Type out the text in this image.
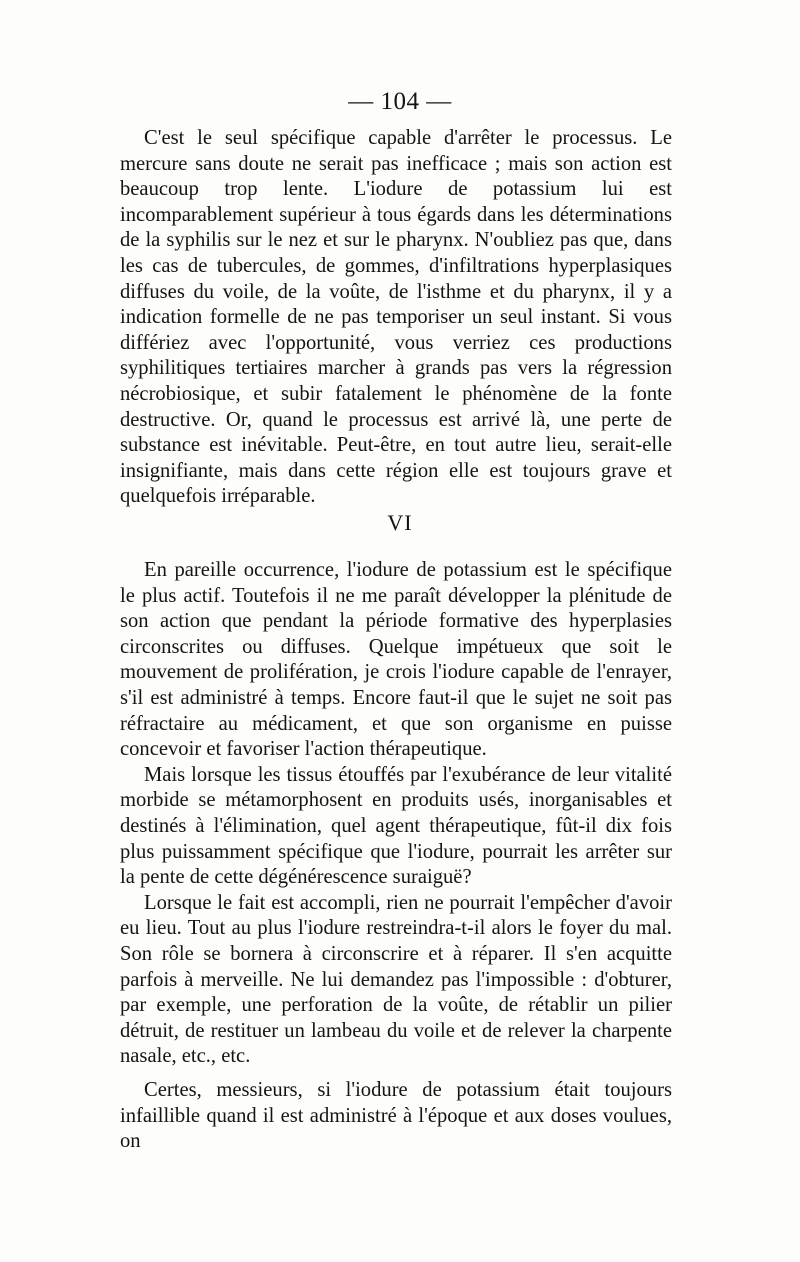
— 104 —

C'est le seul spécifique capable d'arrêter le processus. Le mercure sans doute ne serait pas inefficace ; mais son action est beaucoup trop lente. L'iodure de potassium lui est incomparablement supérieur à tous égards dans les déterminations de la syphilis sur le nez et sur le pharynx. N'oubliez pas que, dans les cas de tubercules, de gommes, d'infiltrations hyperplasiques diffuses du voile, de la voûte, de l'isthme et du pharynx, il y a indication formelle de ne pas temporiser un seul instant. Si vous différiez avec l'opportunité, vous verriez ces productions syphilitiques tertiaires marcher à grands pas vers la régression nécrobiosique, et subir fatalement le phénomène de la fonte destructive. Or, quand le processus est arrivé là, une perte de substance est inévitable. Peut-être, en tout autre lieu, serait-elle insignifiante, mais dans cette région elle est toujours grave et quelquefois irréparable.

VI

En pareille occurrence, l'iodure de potassium est le spécifique le plus actif. Toutefois il ne me paraît développer la plénitude de son action que pendant la période formative des hyperplasies circonscrites ou diffuses. Quelque impétueux que soit le mouvement de prolifération, je crois l'iodure capable de l'enrayer, s'il est administré à temps. Encore faut-il que le sujet ne soit pas réfractaire au médicament, et que son organisme en puisse concevoir et favoriser l'action thérapeutique.

Mais lorsque les tissus étouffés par l'exubérance de leur vitalité morbide se métamorphosent en produits usés, inorganisables et destinés à l'élimination, quel agent thérapeutique, fût-il dix fois plus puissamment spécifique que l'iodure, pourrait les arrêter sur la pente de cette dégénérescence suraiguë?

Lorsque le fait est accompli, rien ne pourrait l'empêcher d'avoir eu lieu. Tout au plus l'iodure restreindra-t-il alors le foyer du mal. Son rôle se bornera à circonscrire et à réparer. Il s'en acquitte parfois à merveille. Ne lui demandez pas l'impossible : d'obturer, par exemple, une perforation de la voûte, de rétablir un pilier détruit, de restituer un lambeau du voile et de relever la charpente nasale, etc., etc.

Certes, messieurs, si l'iodure de potassium était toujours infaillible quand il est administré à l'époque et aux doses voulues, on
